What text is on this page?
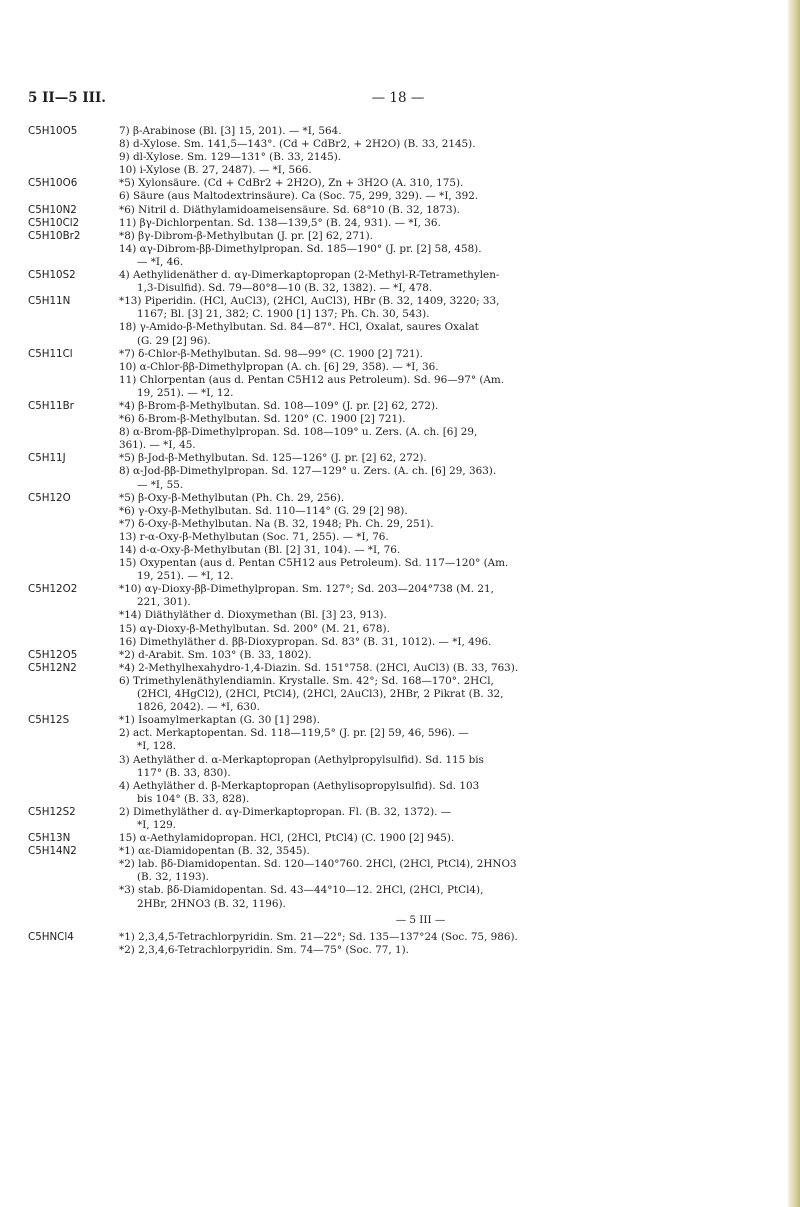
5 II—5 III.	— 18 —
C5H10O5	7) β-Arabinose (Bl. [3] 15, 201). — *I, 564.
8) d-Xylose. Sm. 141,5—143°. (Cd + CdBr2, + 2H2O) (B. 33, 2145).
9) dl-Xylose. Sm. 129—131° (B. 33, 2145).
10) i-Xylose (B. 27, 2487). — *I, 566.
C5H10O6	*5) Xylonsäure. (Cd + CdBr2 + 2H2O), Zn + 3H2O (A. 310, 175).
6) Säure (aus Maltodextrinsäure). Ca (Soc. 75, 299, 329). — *I, 392.
C5H10N2	*6) Nitril d. Diäthylamidoameisensäure. Sd. 68°10 (B. 32, 1873).
C5H10Cl2	11) βγ-Dichlorpentan. Sd. 138—139,5° (B. 24, 931). — *I, 36.
C5H10Br2	*8) βγ-Dibrom-β-Methylbutan (J. pr. [2] 62, 271).
14) αγ-Dibrom-ββ-Dimethylpropan. Sd. 185—190° (J. pr. [2] 58, 458).
— *I, 46.
C5H10S2	4) Aethylidenäther d. αγ-Dimerkaptopropan (2-Methyl-R-Tetramethylen-
1,3-Disulfid). Sd. 79—80°8—10 (B. 32, 1382). — *I, 478.
C5H11N	*13) Piperidin. (HCl, AuCl3), (2HCl, AuCl3), HBr (B. 32, 1409, 3220; 33,
1167; Bl. [3] 21, 382; C. 1900 [1] 137; Ph. Ch. 30, 543).
18) γ-Amido-β-Methylbutan. Sd. 84—87°. HCl, Oxalat, saures Oxalat
(G. 29 [2] 96).
C5H11Cl	*7) δ-Chlor-β-Methylbutan. Sd. 98—99° (C. 1900 [2] 721).
10) α-Chlor-ββ-Dimethylpropan (A. ch. [6] 29, 358). — *I, 36.
11) Chlorpentan (aus d. Pentan C5H12 aus Petroleum). Sd. 96—97° (Am.
19, 251). — *I, 12.
C5H11Br	*4) β-Brom-β-Methylbutan. Sd. 108—109° (J. pr. [2] 62, 272).
*6) δ-Brom-β-Methylbutan. Sd. 120° (C. 1900 [2] 721).
8) α-Brom-ββ-Dimethylpropan. Sd. 108—109° u. Zers. (A. ch. [6] 29,
361). — *I, 45.
C5H11J	*5) β-Jod-β-Methylbutan. Sd. 125—126° (J. pr. [2] 62, 272).
8) α-Jod-ββ-Dimethylpropan. Sd. 127—129° u. Zers. (A. ch. [6] 29, 363).
— *I, 55.
C5H12O	*5) β-Oxy-β-Methylbutan (Ph. Ch. 29, 256).
*6) γ-Oxy-β-Methylbutan. Sd. 110—114° (G. 29 [2] 98).
*7) δ-Oxy-β-Methylbutan. Na (B. 32, 1948; Ph. Ch. 29, 251).
13) r-α-Oxy-β-Methylbutan (Soc. 71, 255). — *I, 76.
14) d-α-Oxy-β-Methylbutan (Bl. [2] 31, 104). — *I, 76.
15) Oxypentan (aus d. Pentan C5H12 aus Petroleum). Sd. 117—120° (Am.
19, 251). — *I, 12.
C5H12O2	*10) αγ-Dioxy-ββ-Dimethylpropan. Sm. 127°; Sd. 203—204°738 (M. 21,
221, 301).
*14) Diäthyläther d. Dioxymethan (Bl. [3] 23, 913).
15) αγ-Dioxy-β-Methylbutan. Sd. 200° (M. 21, 678).
16) Dimethyläther d. ββ-Dioxypropan. Sd. 83° (B. 31, 1012). — *I, 496.
C5H12O5	*2) d-Arabit. Sm. 103° (B. 33, 1802).
C5H12N2	*4) 2-Methylhexahydro-1,4-Diazin. Sd. 151°758. (2HCl, AuCl3) (B. 33, 763).
6) Trimethylenäthylendiamin. Krystalle. Sm. 42°; Sd. 168—170°. 2HCl,
(2HCl, 4HgCl2), (2HCl, PtCl4), (2HCl, 2AuCl3), 2HBr, 2 Pikrat (B. 32,
1826, 2042). — *I, 630.
C5H12S	*1) Isoamylmerkaptan (G. 30 [1] 298).
2) act. Merkaptopentan. Sd. 118—119,5° (J. pr. [2] 59, 46, 596). —
*I, 128.
3) Aethyläther d. α-Merkaptopropan (Aethylpropylsulfid). Sd. 115 bis
117° (B. 33, 830).
4) Aethyläther d. β-Merkaptopropan (Aethylisopropylsulfid). Sd. 103
bis 104° (B. 33, 828).
C5H12S2	2) Dimethyläther d. αγ-Dimerkaptopropan. Fl. (B. 32, 1372). —
*I, 129.
C5H13N	15) α-Aethylamidopropan. HCl, (2HCl, PtCl4) (C. 1900 [2] 945).
C5H14N2	*1) αε-Diamidopentan (B. 32, 3545).
*2) lab. βδ-Diamidopentan. Sd. 120—140°760. 2HCl, (2HCl, PtCl4), 2HNO3
(B. 32, 1193).
*3) stab. βδ-Diamidopentan. Sd. 43—44°10—12. 2HCl, (2HCl, PtCl4),
2HBr, 2HNO3 (B. 32, 1196).
— 5 III —
C5HNCl4	*1) 2,3,4,5-Tetrachlorpyridin. Sm. 21—22°; Sd. 135—137°24 (Soc. 75, 986).
*2) 2,3,4,6-Tetrachlorpyridin. Sm. 74—75° (Soc. 77, 1).
